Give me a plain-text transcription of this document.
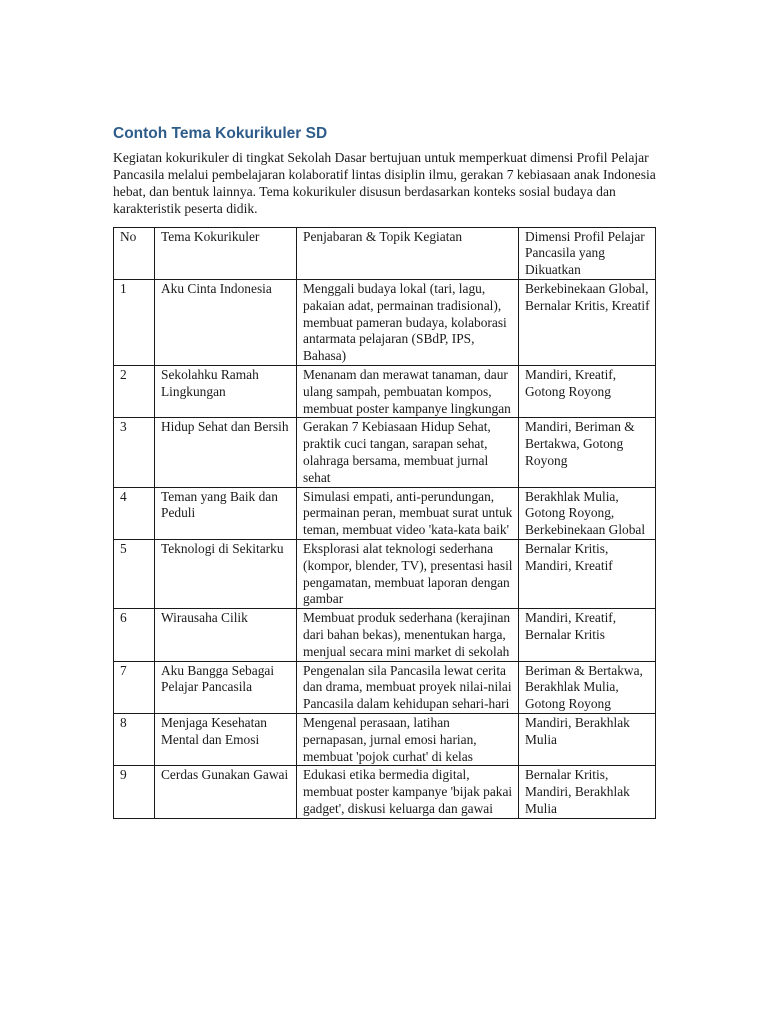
Contoh Tema Kokurikuler SD

Kegiatan kokurikuler di tingkat Sekolah Dasar bertujuan untuk memperkuat dimensi Profil Pelajar Pancasila melalui pembelajaran kolaboratif lintas disiplin ilmu, gerakan 7 kebiasaan anak Indonesia hebat, dan bentuk lainnya. Tema kokurikuler disusun berdasarkan konteks sosial budaya dan karakteristik peserta didik.

No	Tema Kokurikuler	Penjabaran & Topik Kegiatan	Dimensi Profil Pelajar Pancasila yang Dikuatkan
1	Aku Cinta Indonesia	Menggali budaya lokal (tari, lagu, pakaian adat, permainan tradisional), membuat pameran budaya, kolaborasi antarmata pelajaran (SBdP, IPS, Bahasa)	Berkebinekaan Global, Bernalar Kritis, Kreatif
2	Sekolahku Ramah Lingkungan	Menanam dan merawat tanaman, daur ulang sampah, pembuatan kompos, membuat poster kampanye lingkungan	Mandiri, Kreatif, Gotong Royong
3	Hidup Sehat dan Bersih	Gerakan 7 Kebiasaan Hidup Sehat, praktik cuci tangan, sarapan sehat, olahraga bersama, membuat jurnal sehat	Mandiri, Beriman & Bertakwa, Gotong Royong
4	Teman yang Baik dan Peduli	Simulasi empati, anti-perundungan, permainan peran, membuat surat untuk teman, membuat video 'kata-kata baik'	Berakhlak Mulia, Gotong Royong, Berkebinekaan Global
5	Teknologi di Sekitarku	Eksplorasi alat teknologi sederhana (kompor, blender, TV), presentasi hasil pengamatan, membuat laporan dengan gambar	Bernalar Kritis, Mandiri, Kreatif
6	Wirausaha Cilik	Membuat produk sederhana (kerajinan dari bahan bekas), menentukan harga, menjual secara mini market di sekolah	Mandiri, Kreatif, Bernalar Kritis
7	Aku Bangga Sebagai Pelajar Pancasila	Pengenalan sila Pancasila lewat cerita dan drama, membuat proyek nilai-nilai Pancasila dalam kehidupan sehari-hari	Beriman & Bertakwa, Berakhlak Mulia, Gotong Royong
8	Menjaga Kesehatan Mental dan Emosi	Mengenal perasaan, latihan pernapasan, jurnal emosi harian, membuat 'pojok curhat' di kelas	Mandiri, Berakhlak Mulia
9	Cerdas Gunakan Gawai	Edukasi etika bermedia digital, membuat poster kampanye 'bijak pakai gadget', diskusi keluarga dan gawai	Bernalar Kritis, Mandiri, Berakhlak Mulia
